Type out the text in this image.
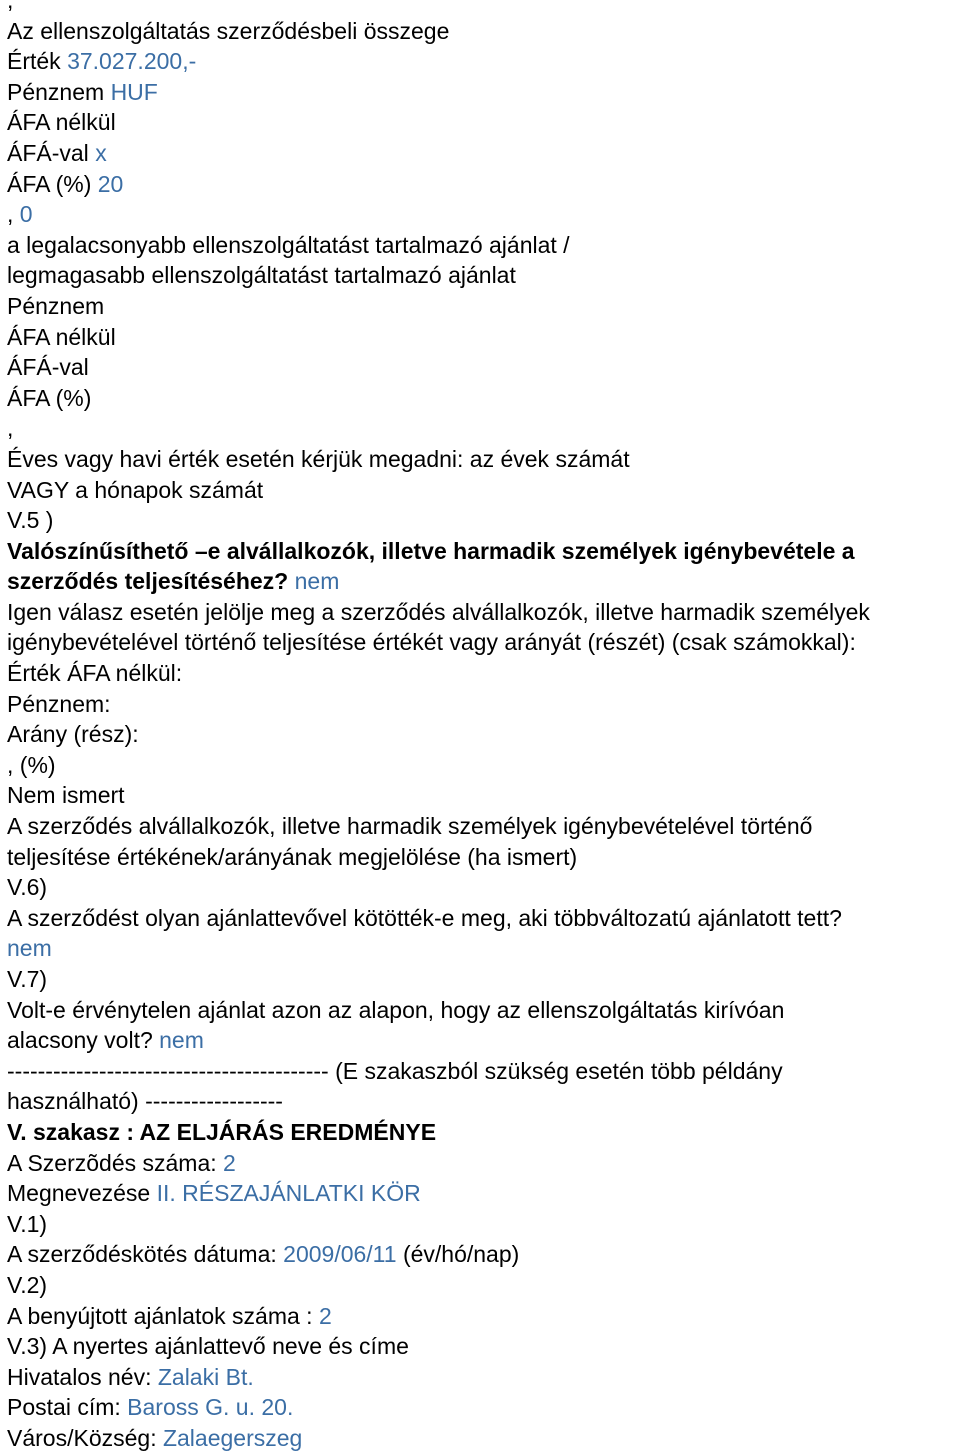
,
Az ellenszolgáltatás szerződésbeli összege
Érték 37.027.200,-
Pénznem HUF
ÁFA nélkül
ÁFÁ-val x
ÁFA (%) 20
, 0
a legalacsonyabb ellenszolgáltatást tartalmazó ajánlat /
legmagasabb ellenszolgáltatást tartalmazó ajánlat
Pénznem
ÁFA nélkül
ÁFÁ-val
ÁFA (%)
,
Éves vagy havi érték esetén kérjük megadni: az évek számát
VAGY a hónapok számát
V.5 )
Valószínűsíthető –e alvállalkozók, illetve harmadik személyek igénybevétele a
szerződés teljesítéséhez? nem
Igen válasz esetén jelölje meg a szerződés alvállalkozók, illetve harmadik személyek
igénybevételével történő teljesítése értékét vagy arányát (részét) (csak számokkal):
Érték ÁFA nélkül:
Pénznem:
Arány (rész):
, (%)
Nem ismert
A szerződés alvállalkozók, illetve harmadik személyek igénybevételével történő
teljesítése értékének/arányának megjelölése (ha ismert)
V.6)
A szerződést olyan ajánlattevővel kötötték-e meg, aki többváltozatú ajánlatott tett?
nem
V.7)
Volt-e érvénytelen ajánlat azon az alapon, hogy az ellenszolgáltatás kirívóan
alacsony volt? nem
------------------------------------------ (E szakaszból szükség esetén több példány
használható) ------------------
V. szakasz : AZ ELJÁRÁS EREDMÉNYE
A Szerzõdés száma: 2
Megnevezése II. RÉSZAJÁNLATKI KÖR
V.1)
A szerződéskötés dátuma: 2009/06/11 (év/hó/nap)
V.2)
A benyújtott ajánlatok száma : 2
V.3) A nyertes ajánlattevő neve és címe
Hivatalos név: Zalaki Bt.
Postai cím: Baross G. u. 20.
Város/Község: Zalaegerszeg
